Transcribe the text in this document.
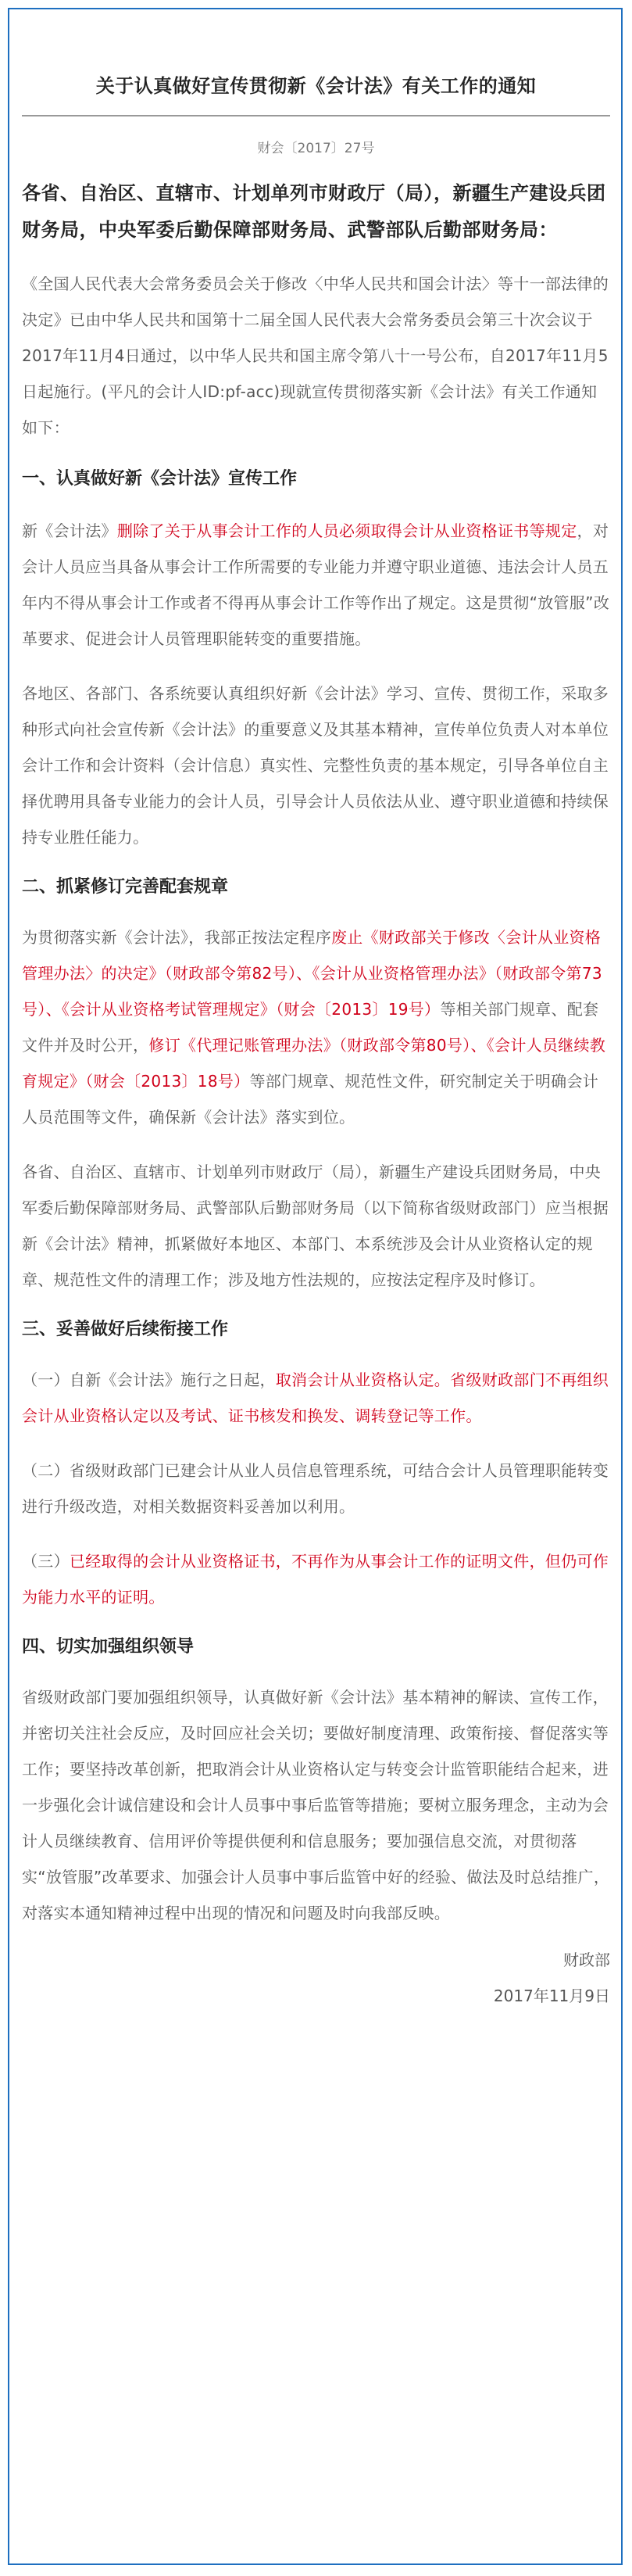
关于认真做好宣传贯彻新《会计法》有关工作的通知
财会〔2017〕27号
各省、自治区、直辖市、计划单列市财政厅（局），新疆生产建设兵团财务局，中央军委后勤保障部财务局、武警部队后勤部财务局：

《全国人民代表大会常务委员会关于修改〈中华人民共和国会计法〉等十一部法律的决定》已由中华人民共和国第十二届全国人民代表大会常务委员会第三十次会议于2017年11月4日通过，以中华人民共和国主席令第八十一号公布，自2017年11月5日起施行。(平凡的会计人ID:pf-acc)现就宣传贯彻落实新《会计法》有关工作通知如下：

一、认真做好新《会计法》宣传工作

新《会计法》删除了关于从事会计工作的人员必须取得会计从业资格证书等规定，对会计人员应当具备从事会计工作所需要的专业能力并遵守职业道德、违法会计人员五年内不得从事会计工作或者不得再从事会计工作等作出了规定。这是贯彻“放管服”改革要求、促进会计人员管理职能转变的重要措施。

各地区、各部门、各系统要认真组织好新《会计法》学习、宣传、贯彻工作，采取多种形式向社会宣传新《会计法》的重要意义及其基本精神，宣传单位负责人对本单位会计工作和会计资料（会计信息）真实性、完整性负责的基本规定，引导各单位自主择优聘用具备专业能力的会计人员，引导会计人员依法从业、遵守职业道德和持续保持专业胜任能力。

二、抓紧修订完善配套规章

为贯彻落实新《会计法》，我部正按法定程序废止《财政部关于修改〈会计从业资格管理办法〉的决定》（财政部令第82号）、《会计从业资格管理办法》（财政部令第73号）、《会计从业资格考试管理规定》（财会〔2013〕19号）等相关部门规章、配套文件并及时公开，修订《代理记账管理办法》（财政部令第80号）、《会计人员继续教育规定》（财会〔2013〕18号）等部门规章、规范性文件，研究制定关于明确会计人员范围等文件，确保新《会计法》落实到位。

各省、自治区、直辖市、计划单列市财政厅（局），新疆生产建设兵团财务局，中央军委后勤保障部财务局、武警部队后勤部财务局（以下简称省级财政部门）应当根据新《会计法》精神，抓紧做好本地区、本部门、本系统涉及会计从业资格认定的规章、规范性文件的清理工作；涉及地方性法规的，应按法定程序及时修订。

三、妥善做好后续衔接工作

（一）自新《会计法》施行之日起，取消会计从业资格认定。省级财政部门不再组织会计从业资格认定以及考试、证书核发和换发、调转登记等工作。

（二）省级财政部门已建会计从业人员信息管理系统，可结合会计人员管理职能转变进行升级改造，对相关数据资料妥善加以利用。

（三）已经取得的会计从业资格证书，不再作为从事会计工作的证明文件，但仍可作为能力水平的证明。

四、切实加强组织领导

省级财政部门要加强组织领导，认真做好新《会计法》基本精神的解读、宣传工作，并密切关注社会反应，及时回应社会关切；要做好制度清理、政策衔接、督促落实等工作；要坚持改革创新，把取消会计从业资格认定与转变会计监管职能结合起来，进一步强化会计诚信建设和会计人员事中事后监管等措施；要树立服务理念，主动为会计人员继续教育、信用评价等提供便利和信息服务；要加强信息交流，对贯彻落实“放管服”改革要求、加强会计人员事中事后监管中好的经验、做法及时总结推广，对落实本通知精神过程中出现的情况和问题及时向我部反映。

财政部

2017年11月9日
